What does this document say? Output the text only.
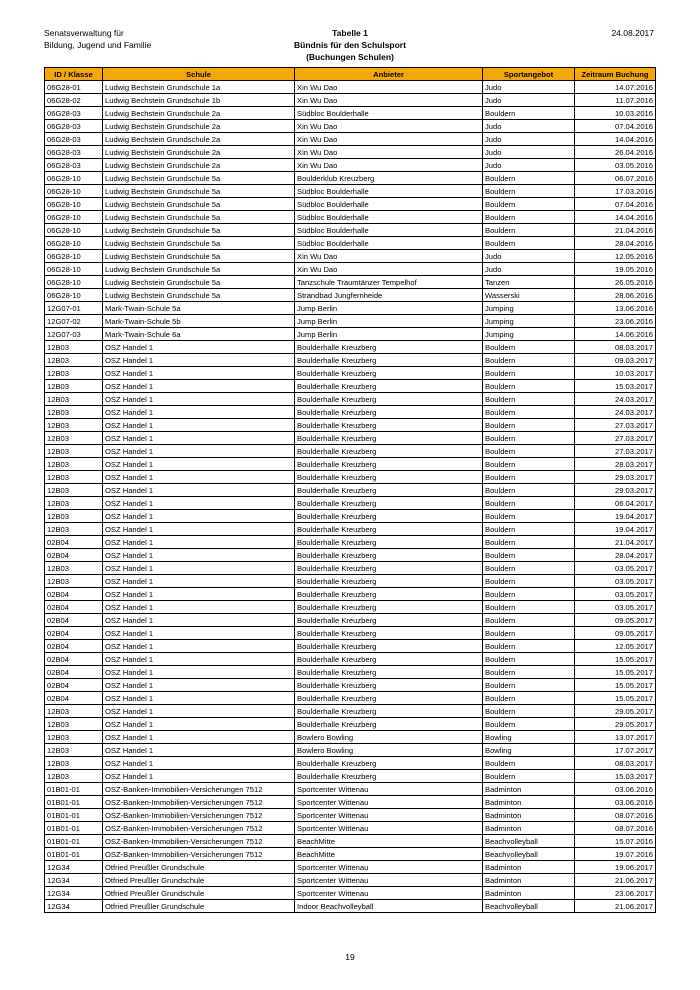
Senatsverwaltung für
Bildung, Jugend und Familie
Tabelle 1
Bündnis für den Schulsport
(Buchungen Schulen)
24.08.2017
ID / Klasse	Schule	Anbieter	Sportangebot	Zeitraum Buchung
06G28-01	Ludwig Bechstein Grundschule 1a	Xin Wu Dao	Judo	14.07.2016
06G28-02	Ludwig Bechstein Grundschule 1b	Xin Wu Dao	Judo	11.07.2016
06G28-03	Ludwig Bechstein Grundschule 2a	Südbloc Boulderhalle	Bouldern	10.03.2016
06G28-03	Ludwig Bechstein Grundschule 2a	Xin Wu Dao	Judo	07.04.2016
06G28-03	Ludwig Bechstein Grundschule 2a	Xin Wu Dao	Judo	14.04.2016
06G28-03	Ludwig Bechstein Grundschule 2a	Xin Wu Dao	Judo	26.04.2016
06G28-03	Ludwig Bechstein Grundschule 2a	Xin Wu Dao	Judo	03.05.2016
06G28-10	Ludwig Bechstein Grundschule 5a	Boulderklub Kreuzberg	Bouldern	06.07.2016
06G28-10	Ludwig Bechstein Grundschule 5a	Südbloc Boulderhalle	Bouldern	17.03.2016
06G28-10	Ludwig Bechstein Grundschule 5a	Südbloc Boulderhalle	Bouldern	07.04.2016
06G28-10	Ludwig Bechstein Grundschule 5a	Südbloc Boulderhalle	Bouldern	14.04.2016
06G28-10	Ludwig Bechstein Grundschule 5a	Südbloc Boulderhalle	Bouldern	21.04.2016
06G28-10	Ludwig Bechstein Grundschule 5a	Südbloc Boulderhalle	Bouldern	28.04.2016
06G28-10	Ludwig Bechstein Grundschule 5a	Xin Wu Dao	Judo	12.05.2016
06G28-10	Ludwig Bechstein Grundschule 5a	Xin Wu Dao	Judo	19.05.2016
06G28-10	Ludwig Bechstein Grundschule 5a	Tanzschule Traumtänzer Tempelhof	Tanzen	26.05.2016
06G28-10	Ludwig Bechstein Grundschule 5a	Strandbad Jungfernheide	Wasserski	28.06.2016
12G07-01	Mark-Twain-Schule 5a	Jump Berlin	Jumping	13.06.2016
12G07-02	Mark-Twain-Schule 5b	Jump Berlin	Jumping	23.06.2016
12G07-03	Mark-Twain-Schule 6a	Jump Berlin	Jumping	14.06.2016
12B03	OSZ Handel 1	Boulderhalle Kreuzberg	Bouldern	08.03.2017
12B03	OSZ Handel 1	Boulderhalle Kreuzberg	Bouldern	09.03.2017
12B03	OSZ Handel 1	Boulderhalle Kreuzberg	Bouldern	10.03.2017
12B03	OSZ Handel 1	Boulderhalle Kreuzberg	Bouldern	15.03.2017
12B03	OSZ Handel 1	Boulderhalle Kreuzberg	Bouldern	24.03.2017
12B03	OSZ Handel 1	Boulderhalle Kreuzberg	Bouldern	24.03.2017
12B03	OSZ Handel 1	Boulderhalle Kreuzberg	Bouldern	27.03.2017
12B03	OSZ Handel 1	Boulderhalle Kreuzberg	Bouldern	27.03.2017
12B03	OSZ Handel 1	Boulderhalle Kreuzberg	Bouldern	27.03.2017
12B03	OSZ Handel 1	Boulderhalle Kreuzberg	Bouldern	28.03.2017
12B03	OSZ Handel 1	Boulderhalle Kreuzberg	Bouldern	29.03.2017
12B03	OSZ Handel 1	Boulderhalle Kreuzberg	Bouldern	29.03.2017
12B03	OSZ Handel 1	Boulderhalle Kreuzberg	Bouldern	06.04.2017
12B03	OSZ Handel 1	Boulderhalle Kreuzberg	Bouldern	19.04.2017
12B03	OSZ Handel 1	Boulderhalle Kreuzberg	Bouldern	19.04.2017
02B04	OSZ Handel 1	Boulderhalle Kreuzberg	Bouldern	21.04.2017
02B04	OSZ Handel 1	Boulderhalle Kreuzberg	Bouldern	28.04.2017
12B03	OSZ Handel 1	Boulderhalle Kreuzberg	Bouldern	03.05.2017
12B03	OSZ Handel 1	Boulderhalle Kreuzberg	Bouldern	03.05.2017
02B04	OSZ Handel 1	Boulderhalle Kreuzberg	Bouldern	03.05.2017
02B04	OSZ Handel 1	Boulderhalle Kreuzberg	Bouldern	03.05.2017
02B04	OSZ Handel 1	Boulderhalle Kreuzberg	Bouldern	09.05.2017
02B04	OSZ Handel 1	Boulderhalle Kreuzberg	Bouldern	09.05.2017
02B04	OSZ Handel 1	Boulderhalle Kreuzberg	Bouldern	12.05.2017
02B04	OSZ Handel 1	Boulderhalle Kreuzberg	Bouldern	15.05.2017
02B04	OSZ Handel 1	Boulderhalle Kreuzberg	Bouldern	15.05.2017
02B04	OSZ Handel 1	Boulderhalle Kreuzberg	Bouldern	15.05.2017
02B04	OSZ Handel 1	Boulderhalle Kreuzberg	Bouldern	15.05.2017
12B03	OSZ Handel 1	Boulderhalle Kreuzberg	Bouldern	29.05.2017
12B03	OSZ Handel 1	Boulderhalle Kreuzberg	Bouldern	29.05.2017
12B03	OSZ Handel 1	Bowlero Bowling	Bowling	13.07.2017
12B03	OSZ Handel 1	Bowlero Bowling	Bowling	17.07.2017
12B03	OSZ Handel 1	Boulderhalle Kreuzberg	Bouldern	08.03.2017
12B03	OSZ Handel 1	Boulderhalle Kreuzberg	Bouldern	15.03.2017
01B01-01	OSZ-Banken-Immobilien-Versicherungen 7512	Sportcenter Wittenau	Badminton	03.06.2016
01B01-01	OSZ-Banken-Immobilien-Versicherungen 7512	Sportcenter Wittenau	Badminton	03.06.2016
01B01-01	OSZ-Banken-Immobilien-Versicherungen 7512	Sportcenter Wittenau	Badminton	08.07.2016
01B01-01	OSZ-Banken-Immobilien-Versicherungen 7512	Sportcenter Wittenau	Badminton	08.07.2016
01B01-01	OSZ-Banken-Immobilien-Versicherungen 7512	BeachMitte	Beachvolleyball	15.07.2016
01B01-01	OSZ-Banken-Immobilien-Versicherungen 7512	BeachMitte	Beachvolleyball	19.07.2016
12G34	Otfried Preußler Grundschule	Sportcenter Wittenau	Badminton	19.06.2017
12G34	Otfried Preußler Grundschule	Sportcenter Wittenau	Badminton	21.06.2017
12G34	Otfried Preußler Grundschule	Sportcenter Wittenau	Badminton	23.06.2017
12G34	Otfried Preußler Grundschule	Indoor Beachvolleyball	Beachvolleyball	21.06.2017
19
